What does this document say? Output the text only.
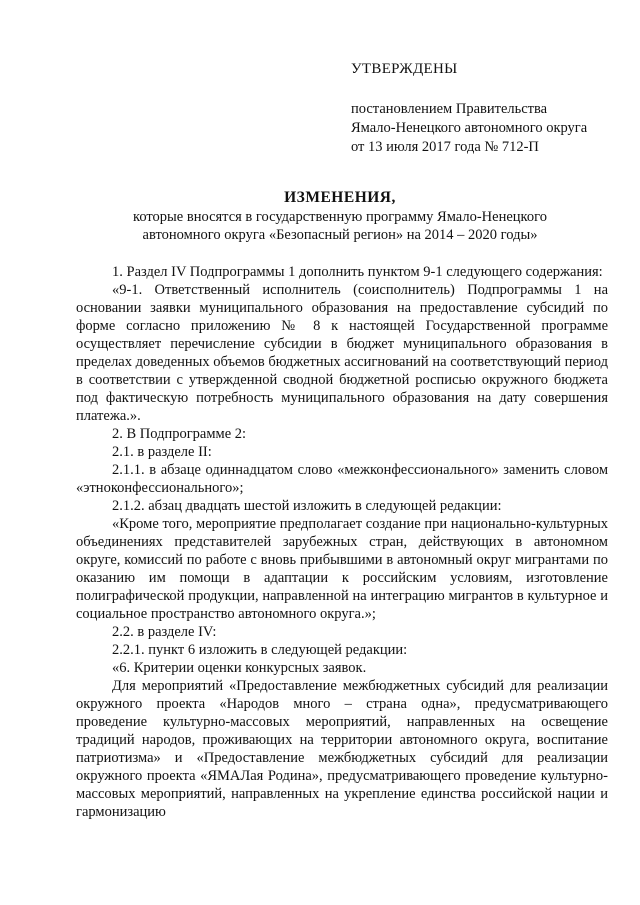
УТВЕРЖДЕНЫ
постановлением Правительства
Ямало-Ненецкого автономного округа
от 13 июля 2017 года № 712-П
ИЗМЕНЕНИЯ,
которые вносятся в государственную программу Ямало-Ненецкого
автономного округа «Безопасный регион» на 2014 – 2020 годы»

1. Раздел IV Подпрограммы 1 дополнить пунктом 9-1 следующего содержания:

«9-1. Ответственный исполнитель (соисполнитель) Подпрограммы 1 на основании заявки муниципального образования на предоставление субсидий по форме согласно приложению № 8 к настоящей Государственной программе осуществляет перечисление субсидии в бюджет муниципального образования в пределах доведенных объемов бюджетных ассигнований на соответствующий период в соответствии с утвержденной сводной бюджетной росписью окружного бюджета под фактическую потребность муниципального образования на дату совершения платежа.».

2. В Подпрограмме 2:

2.1. в разделе II:

2.1.1. в абзаце одиннадцатом слово «межконфессионального» заменить словом «этноконфессионального»;

2.1.2. абзац двадцать шестой изложить в следующей редакции:

«Кроме того, мероприятие предполагает создание при национально-культурных объединениях представителей зарубежных стран, действующих в автономном округе, комиссий по работе с вновь прибывшими в автономный округ мигрантами по оказанию им помощи в адаптации к российским условиям, изготовление полиграфической продукции, направленной на интеграцию мигрантов в культурное и социальное пространство автономного округа.»;

2.2. в разделе IV:

2.2.1. пункт 6 изложить в следующей редакции:

«6. Критерии оценки конкурсных заявок.

Для мероприятий «Предоставление межбюджетных субсидий для реализации окружного проекта «Народов много – страна одна», предусматривающего проведение культурно-массовых мероприятий, направленных на освещение традиций народов, проживающих на территории автономного округа, воспитание патриотизма» и «Предоставление межбюджетных субсидий для реализации окружного проекта «ЯМАЛая Родина», предусматривающего проведение культурно-массовых мероприятий, направленных на укрепление единства российской нации и гармонизацию
